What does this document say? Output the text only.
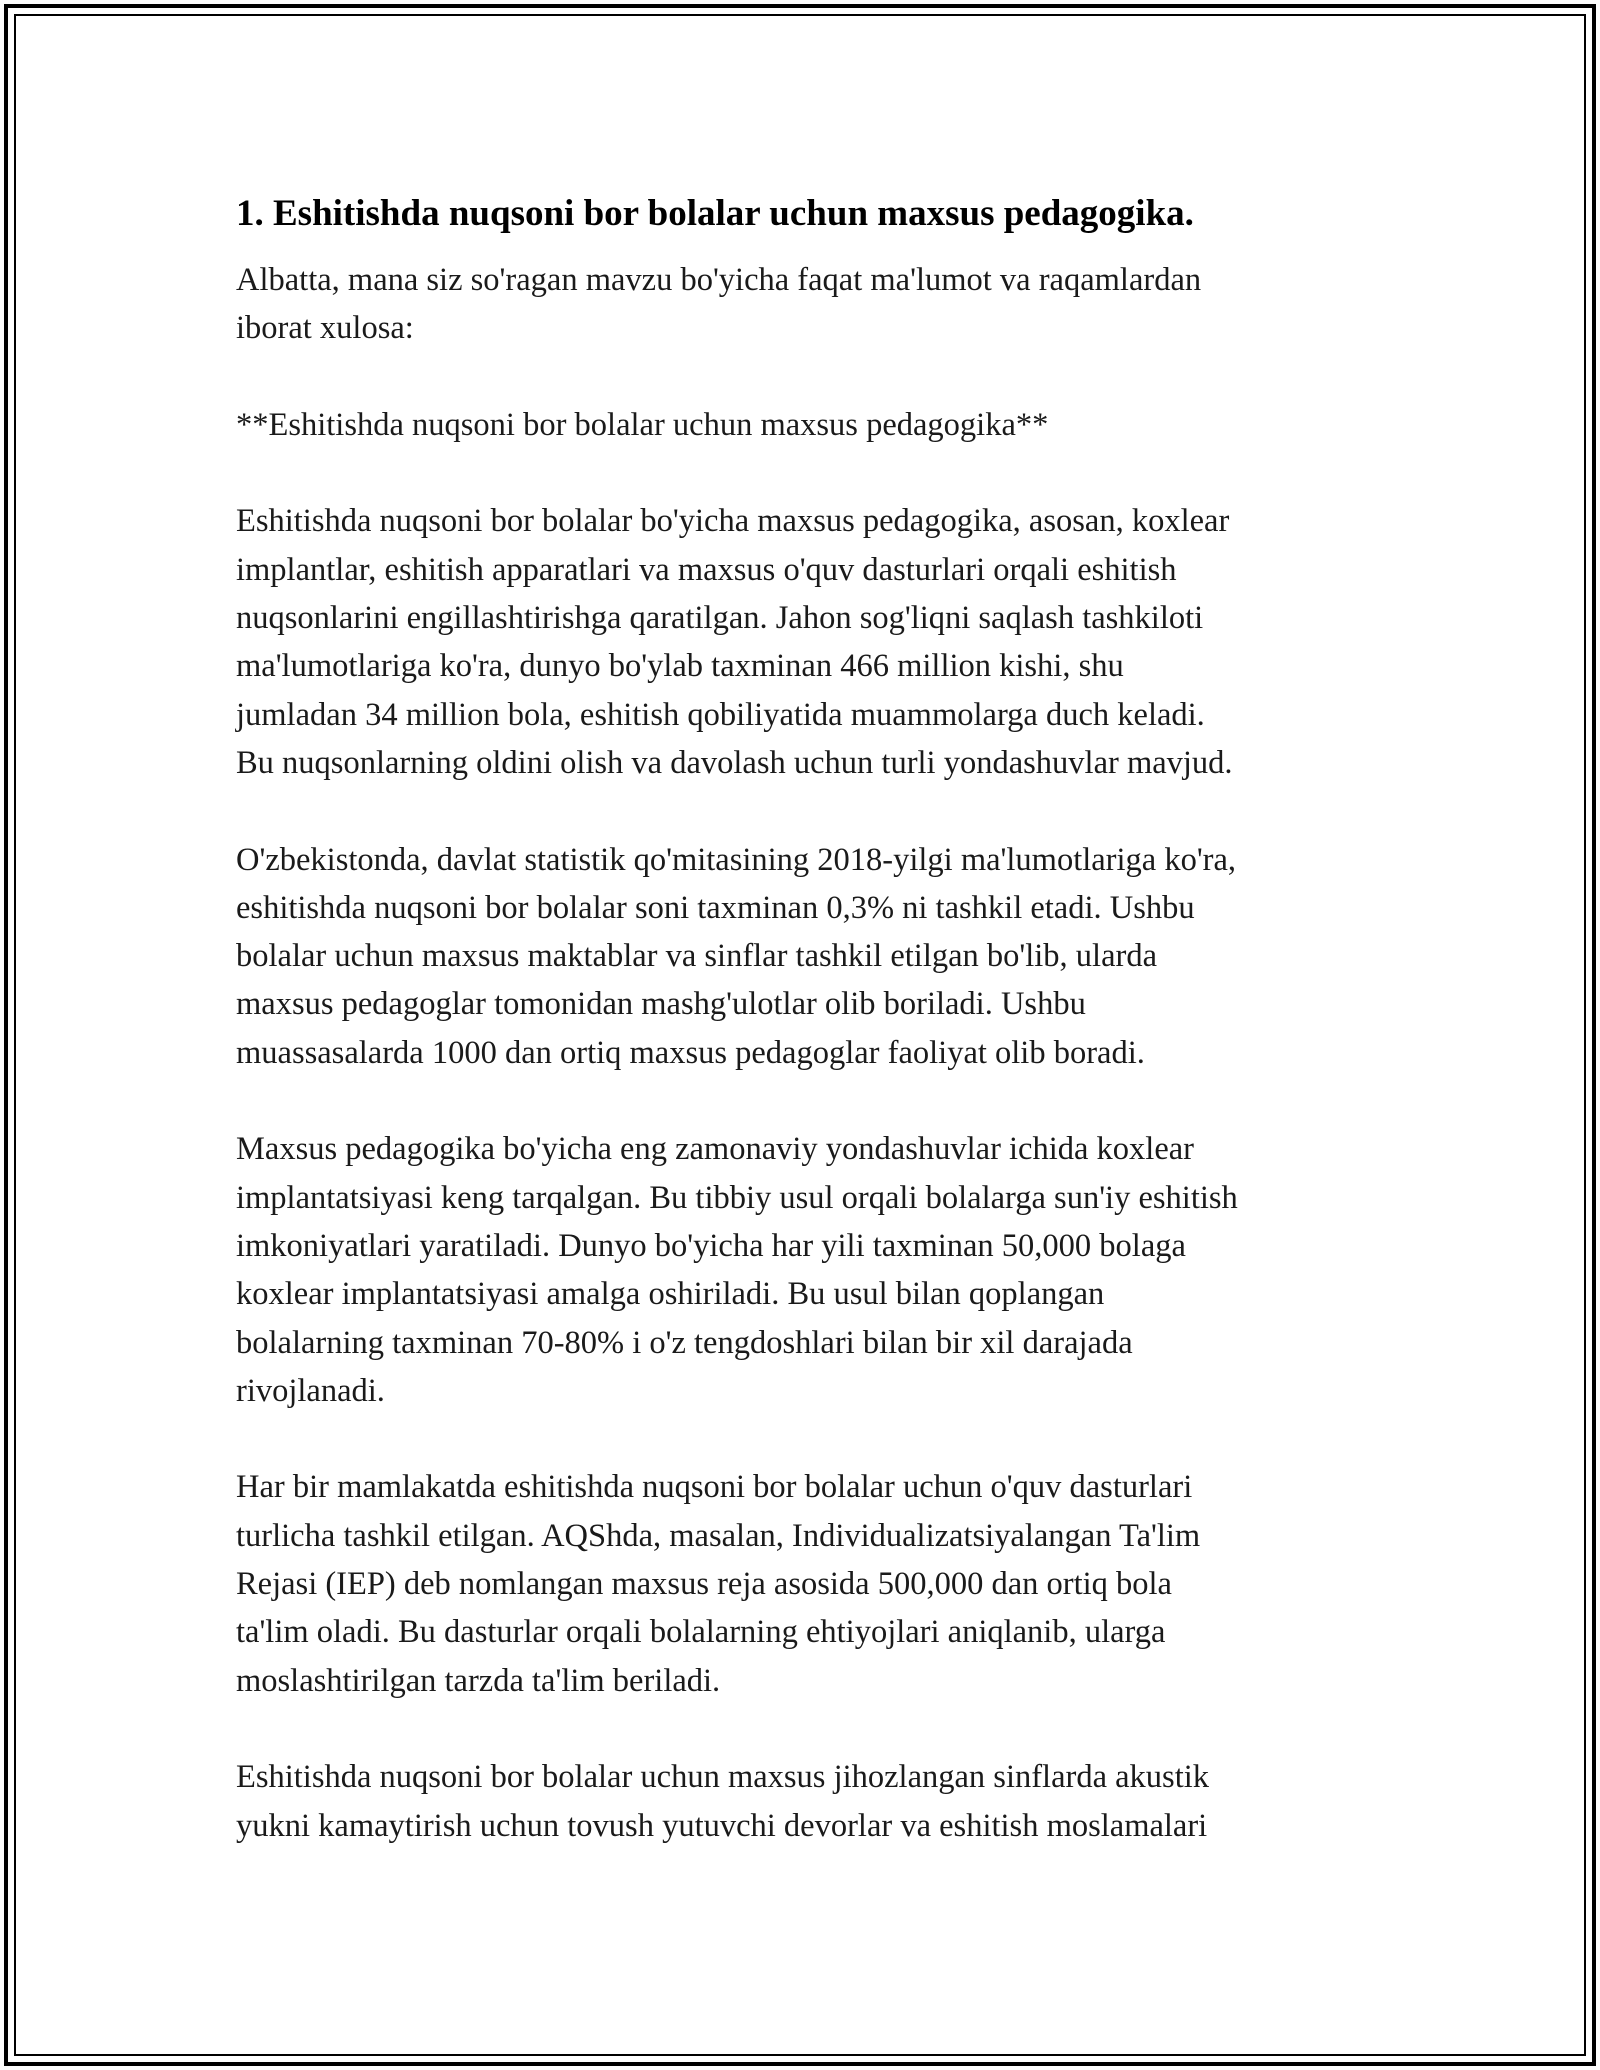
1. Eshitishda nuqsoni bor bolalar uchun maxsus pedagogika.

Albatta, mana siz so'ragan mavzu bo'yicha faqat ma'lumot va raqamlardan
iborat xulosa:

**Eshitishda nuqsoni bor bolalar uchun maxsus pedagogika**

Eshitishda nuqsoni bor bolalar bo'yicha maxsus pedagogika, asosan, koxlear
implantlar, eshitish apparatlari va maxsus o'quv dasturlari orqali eshitish
nuqsonlarini engillashtirishga qaratilgan. Jahon sog'liqni saqlash tashkiloti
ma'lumotlariga ko'ra, dunyo bo'ylab taxminan 466 million kishi, shu
jumladan 34 million bola, eshitish qobiliyatida muammolarga duch keladi.
Bu nuqsonlarning oldini olish va davolash uchun turli yondashuvlar mavjud.

O'zbekistonda, davlat statistik qo'mitasining 2018-yilgi ma'lumotlariga ko'ra,
eshitishda nuqsoni bor bolalar soni taxminan 0,3% ni tashkil etadi. Ushbu
bolalar uchun maxsus maktablar va sinflar tashkil etilgan bo'lib, ularda
maxsus pedagoglar tomonidan mashg'ulotlar olib boriladi. Ushbu
muassasalarda 1000 dan ortiq maxsus pedagoglar faoliyat olib boradi.

Maxsus pedagogika bo'yicha eng zamonaviy yondashuvlar ichida koxlear
implantatsiyasi keng tarqalgan. Bu tibbiy usul orqali bolalarga sun'iy eshitish
imkoniyatlari yaratiladi. Dunyo bo'yicha har yili taxminan 50,000 bolaga
koxlear implantatsiyasi amalga oshiriladi. Bu usul bilan qoplangan
bolalarning taxminan 70-80% i o'z tengdoshlari bilan bir xil darajada
rivojlanadi.

Har bir mamlakatda eshitishda nuqsoni bor bolalar uchun o'quv dasturlari
turlicha tashkil etilgan. AQShda, masalan, Individualizatsiyalangan Ta'lim
Rejasi (IEP) deb nomlangan maxsus reja asosida 500,000 dan ortiq bola
ta'lim oladi. Bu dasturlar orqali bolalarning ehtiyojlari aniqlanib, ularga
moslashtirilgan tarzda ta'lim beriladi.

Eshitishda nuqsoni bor bolalar uchun maxsus jihozlangan sinflarda akustik
yukni kamaytirish uchun tovush yutuvchi devorlar va eshitish moslamalari
